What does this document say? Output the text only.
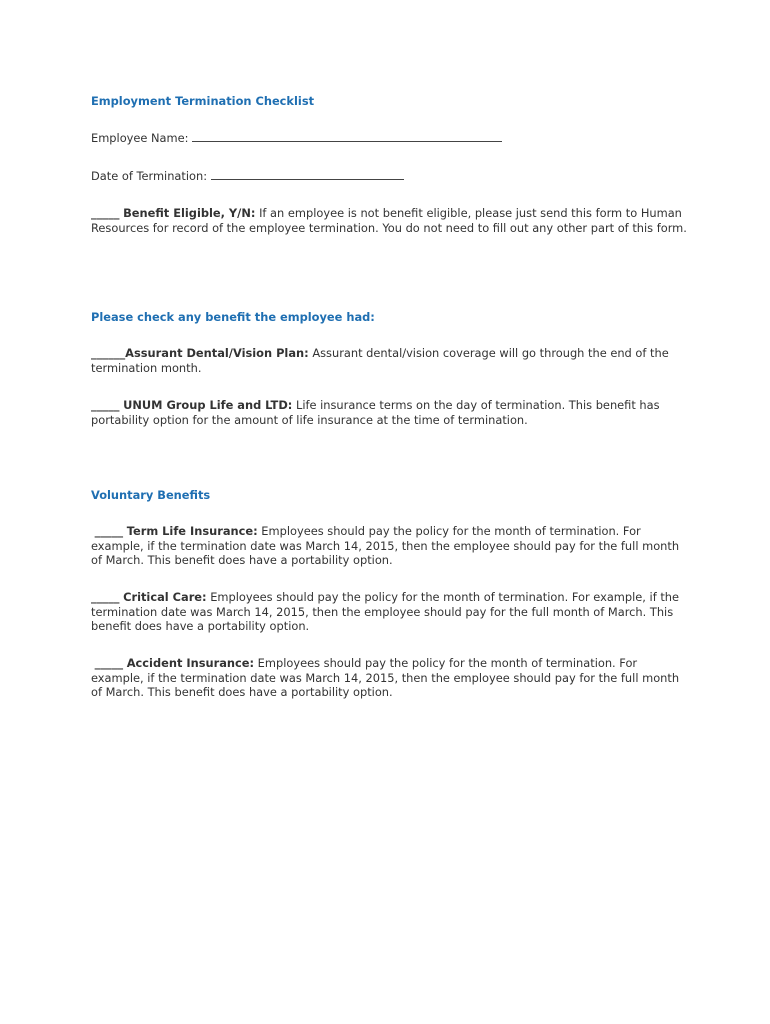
Employment Termination Checklist
Employee Name:
Date of Termination:
_____ Benefit Eligible, Y/N: If an employee is not benefit eligible, please just send this form to Human Resources for record of the employee termination. You do not need to fill out any other part of this form.
Please check any benefit the employee had:
______Assurant Dental/Vision Plan: Assurant dental/vision coverage will go through the end of the termination month.
_____ UNUM Group Life and LTD: Life insurance terms on the day of termination. This benefit has portability option for the amount of life insurance at the time of termination.
Voluntary Benefits
_____ Term Life Insurance: Employees should pay the policy for the month of termination. For example, if the termination date was March 14, 2015, then the employee should pay for the full month of March. This benefit does have a portability option.
_____ Critical Care: Employees should pay the policy for the month of termination. For example, if the termination date was March 14, 2015, then the employee should pay for the full month of March. This benefit does have a portability option.
_____ Accident Insurance: Employees should pay the policy for the month of termination. For example, if the termination date was March 14, 2015, then the employee should pay for the full month of March. This benefit does have a portability option.
